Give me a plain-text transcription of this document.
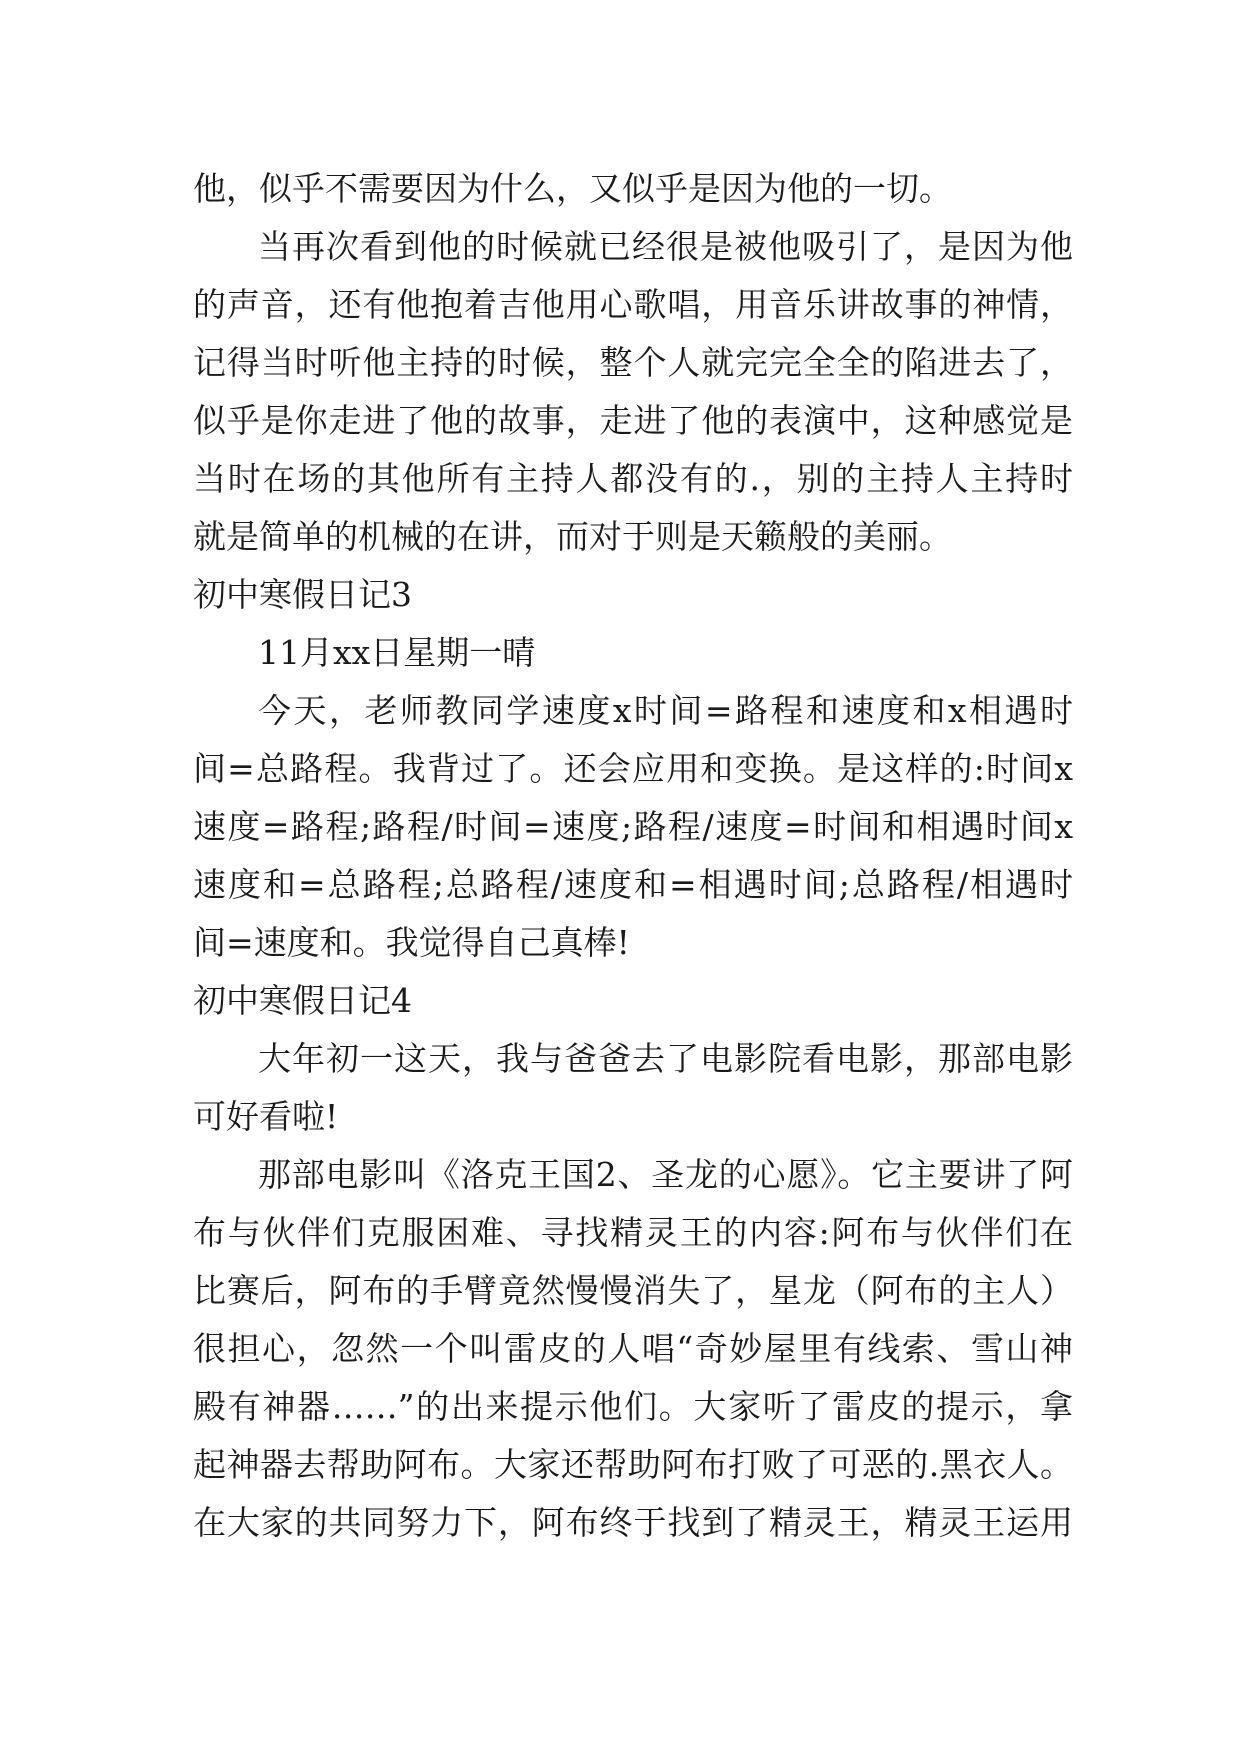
他，似乎不需要因为什么，又似乎是因为他的一切。
当再次看到他的时候就已经很是被他吸引了，是因为他
的声音，还有他抱着吉他用心歌唱，用音乐讲故事的神情，
记得当时听他主持的时候，整个人就完完全全的陷进去了，
似乎是你走进了他的故事，走进了他的表演中，这种感觉是
当时在场的其他所有主持人都没有的.，别的主持人主持时
就是简单的机械的在讲，而对于则是天籁般的美丽。
初中寒假日记3
11月xx日星期一晴
今天，老师教同学速度x时间=路程和速度和x相遇时
间=总路程。我背过了。还会应用和变换。是这样的:时间x
速度=路程;路程/时间=速度;路程/速度=时间和相遇时间x
速度和=总路程;总路程/速度和=相遇时间;总路程/相遇时
间=速度和。我觉得自己真棒!
初中寒假日记4
大年初一这天，我与爸爸去了电影院看电影，那部电影
可好看啦!
那部电影叫《洛克王国2、圣龙的心愿》。它主要讲了阿
布与伙伴们克服困难、寻找精灵王的内容:阿布与伙伴们在
比赛后，阿布的手臂竟然慢慢消失了，星龙（阿布的主人）
很担心，忽然一个叫雷皮的人唱“奇妙屋里有线索、雪山神
殿有神器……”的出来提示他们。大家听了雷皮的提示，拿
起神器去帮助阿布。大家还帮助阿布打败了可恶的.黑衣人。
在大家的共同努力下，阿布终于找到了精灵王，精灵王运用
